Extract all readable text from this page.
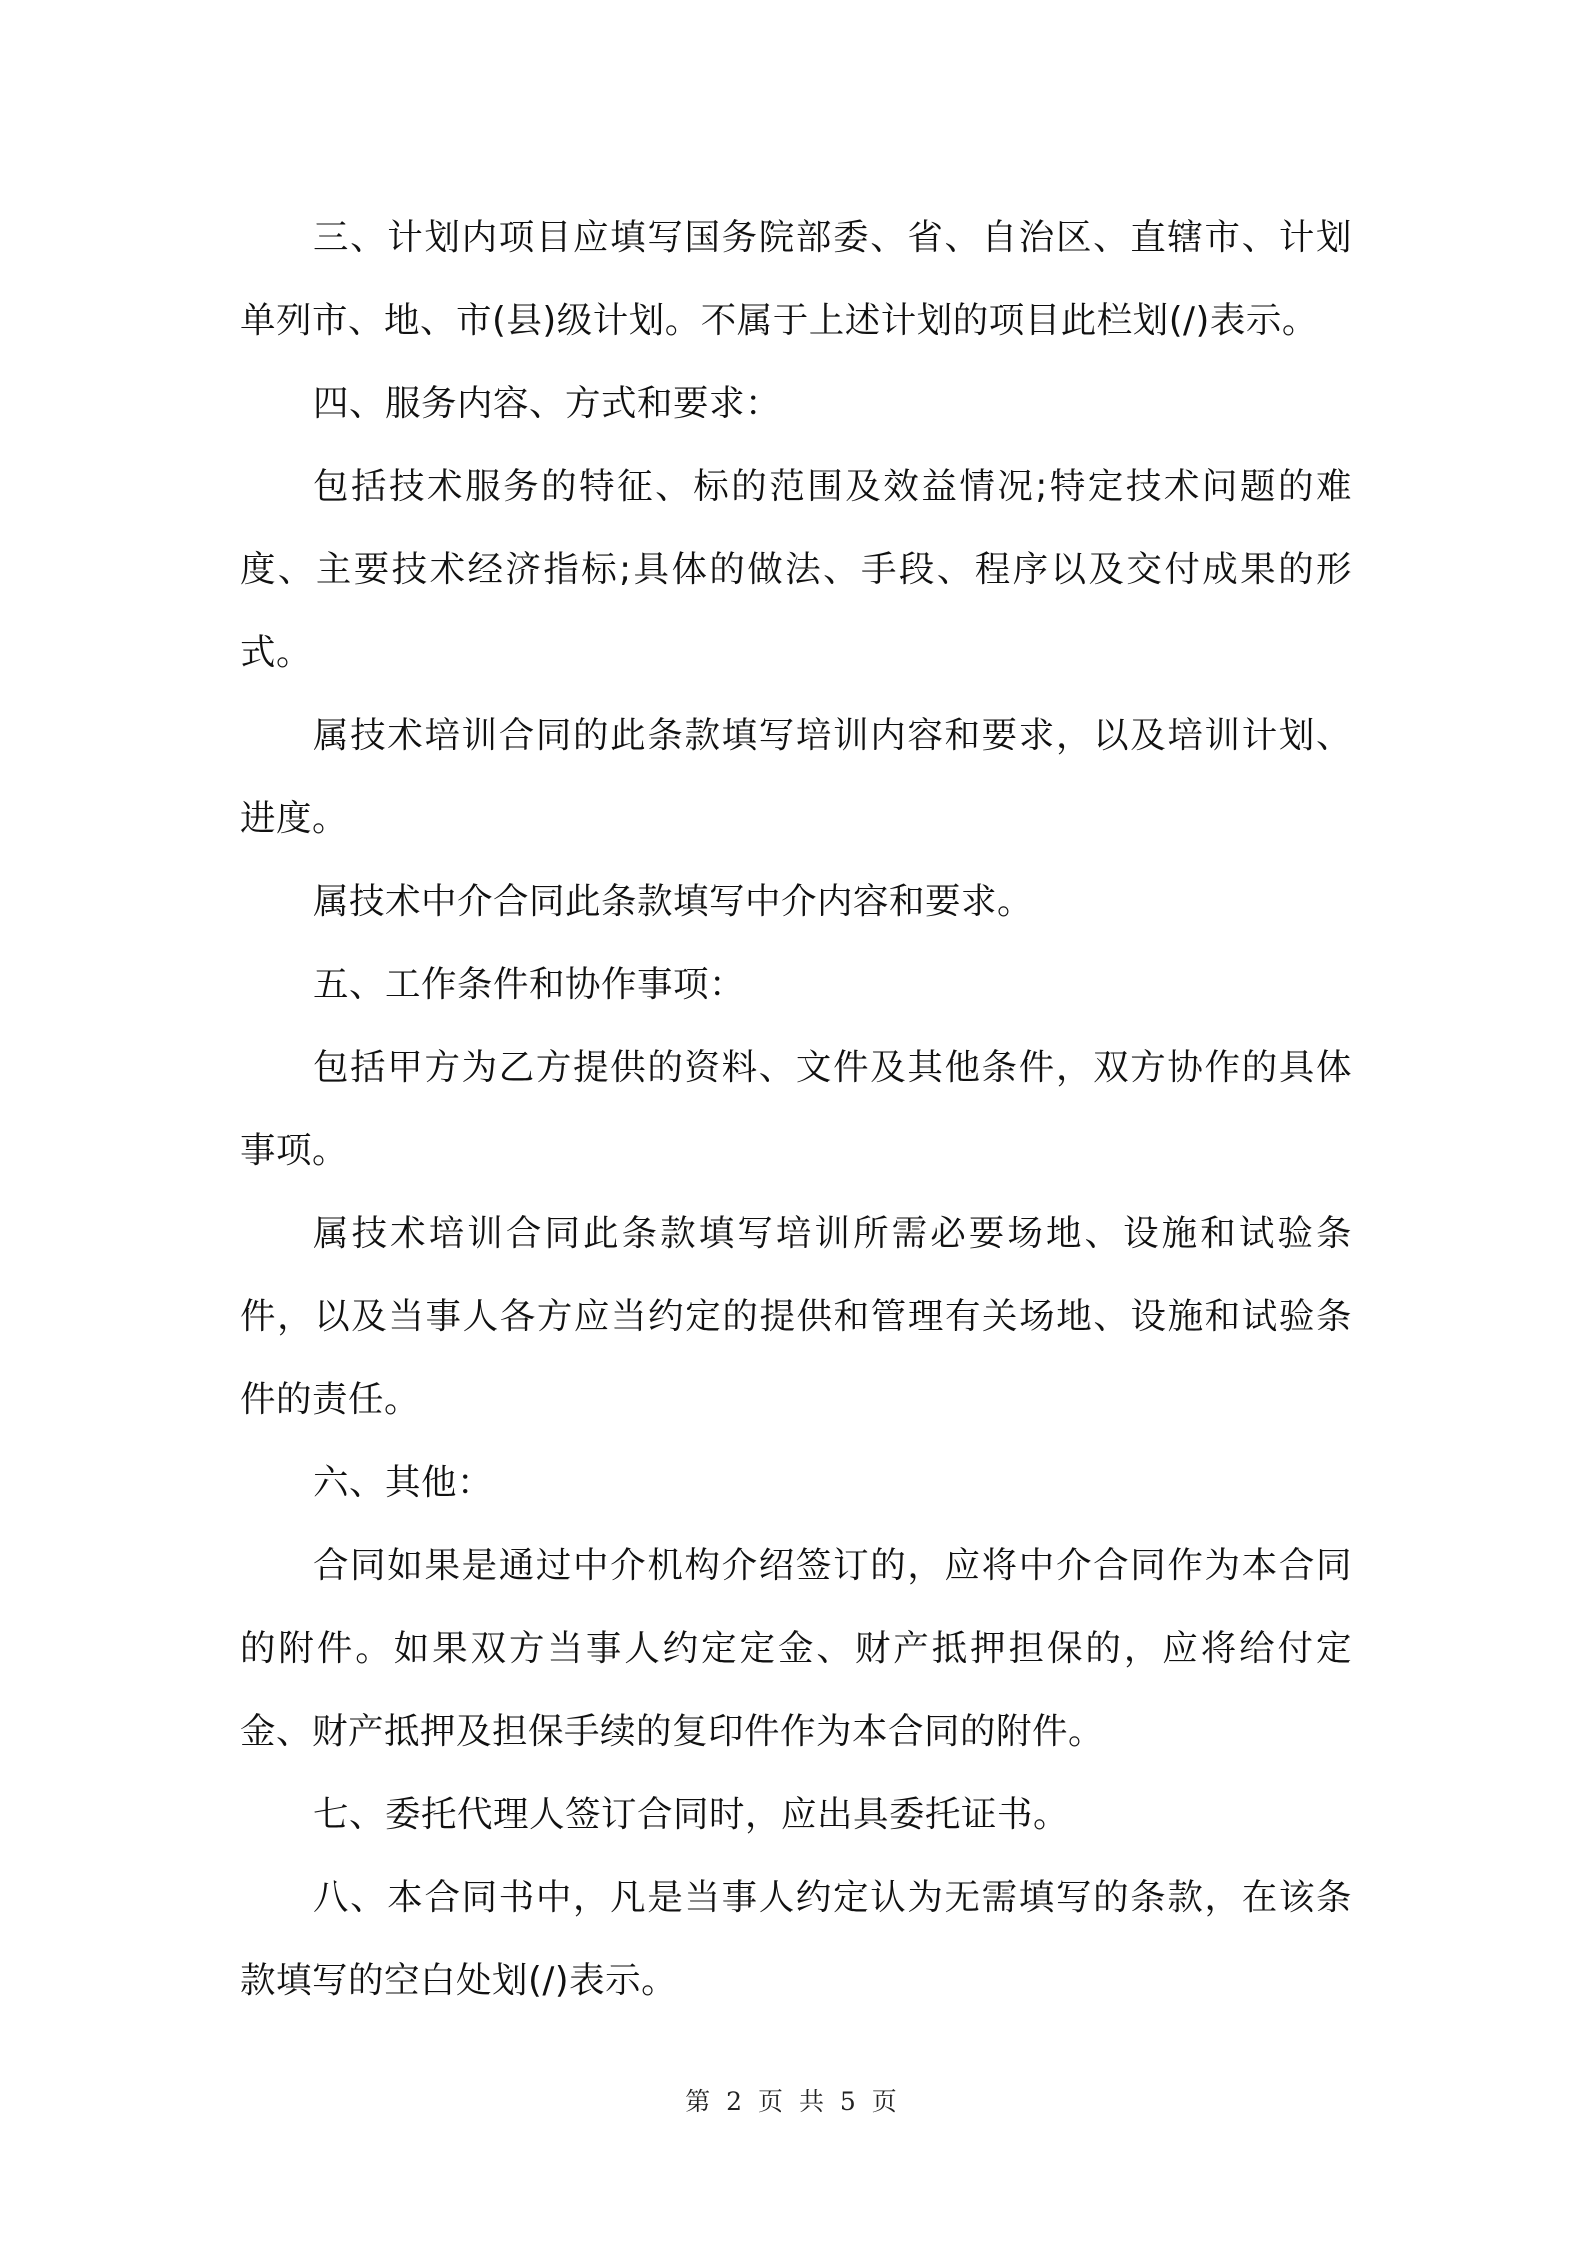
三、计划内项目应填写国务院部委、省、自治区、直辖市、计划单列市、地、市(县)级计划。不属于上述计划的项目此栏划(/)表示。

四、服务内容、方式和要求：

包括技术服务的特征、标的范围及效益情况;特定技术问题的难度、主要技术经济指标;具体的做法、手段、程序以及交付成果的形式。

属技术培训合同的此条款填写培训内容和要求，以及培训计划、进度。

属技术中介合同此条款填写中介内容和要求。

五、工作条件和协作事项：

包括甲方为乙方提供的资料、文件及其他条件，双方协作的具体事项。

属技术培训合同此条款填写培训所需必要场地、设施和试验条件，以及当事人各方应当约定的提供和管理有关场地、设施和试验条件的责任。

六、其他：

合同如果是通过中介机构介绍签订的，应将中介合同作为本合同的附件。如果双方当事人约定定金、财产抵押担保的，应将给付定金、财产抵押及担保手续的复印件作为本合同的附件。

七、委托代理人签订合同时，应出具委托证书。

八、本合同书中，凡是当事人约定认为无需填写的条款，在该条款填写的空白处划(/)表示。

第 2 页 共 5 页
